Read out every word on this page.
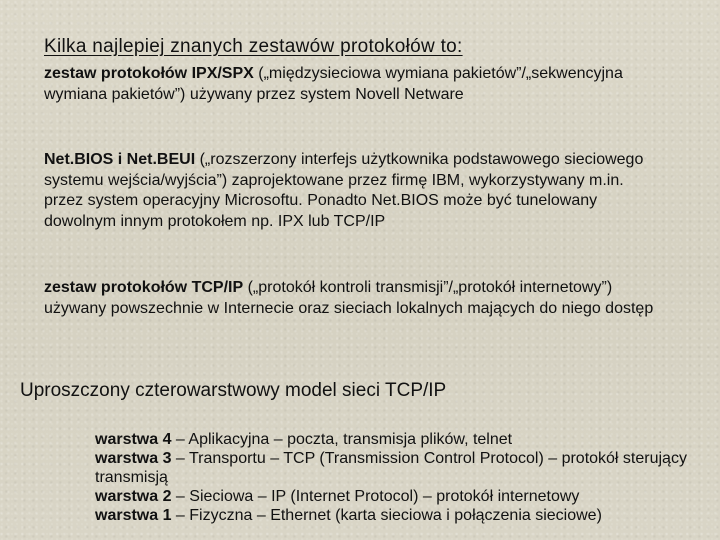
Kilka najlepiej znanych zestawów protokołów to:

zestaw protokołów IPX/SPX („międzysieciowa wymiana pakietów”/„sekwencyjna wymiana pakietów”) używany przez system Novell Netware

Net.BIOS i Net.BEUI („rozszerzony interfejs użytkownika podstawowego sieciowego systemu wejścia/wyjścia”) zaprojektowane przez firmę IBM, wykorzystywany m.in. przez system operacyjny Microsoftu. Ponadto Net.BIOS może być tunelowany dowolnym innym protokołem np. IPX lub TCP/IP

zestaw protokołów TCP/IP („protokół kontroli transmisji”/„protokół internetowy”) używany powszechnie w Internecie oraz sieciach lokalnych mających do niego dostęp

Uproszczony czterowarstwowy model sieci TCP/IP
warstwa 4 – Aplikacyjna – poczta, transmisja plików, telnet
warstwa 3 – Transportu – TCP (Transmission Control Protocol) – protokół sterujący transmisją
warstwa 2 – Sieciowa – IP (Internet Protocol) – protokół internetowy
warstwa 1 – Fizyczna – Ethernet (karta sieciowa i połączenia sieciowe)
